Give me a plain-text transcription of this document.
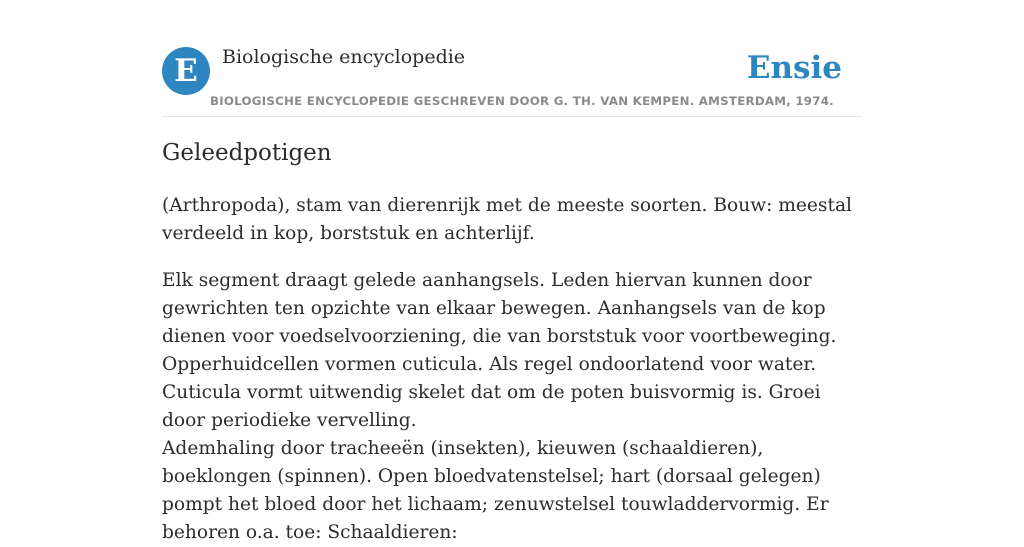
E	Biologische encyclopedie	Ensie
BIOLOGISCHE ENCYCLOPEDIE GESCHREVEN DOOR G. TH. VAN KEMPEN. AMSTERDAM, 1974.
Geleedpotigen

(Arthropoda), stam van dierenrijk met de meeste soorten. Bouw: meestal verdeeld in kop, borststuk en achterlijf.

Elk segment draagt gelede aanhangsels. Leden hiervan kunnen door gewrichten ten opzichte van elkaar bewegen. Aanhangsels van de kop dienen voor voedselvoorziening, die van borststuk voor voortbeweging. Opperhuidcellen vormen cuticula. Als regel ondoorlatend voor water. Cuticula vormt uitwendig skelet dat om de poten buisvormig is. Groei door periodieke vervelling.

Ademhaling door tracheeën (insekten), kieuwen (schaaldieren), boeklongen (spinnen). Open bloedvatenstelsel; hart (dorsaal gelegen) pompt het bloed door het lichaam; zenuwstelsel touwladdervormig. Er behoren o.a. toe: Schaaldieren:
